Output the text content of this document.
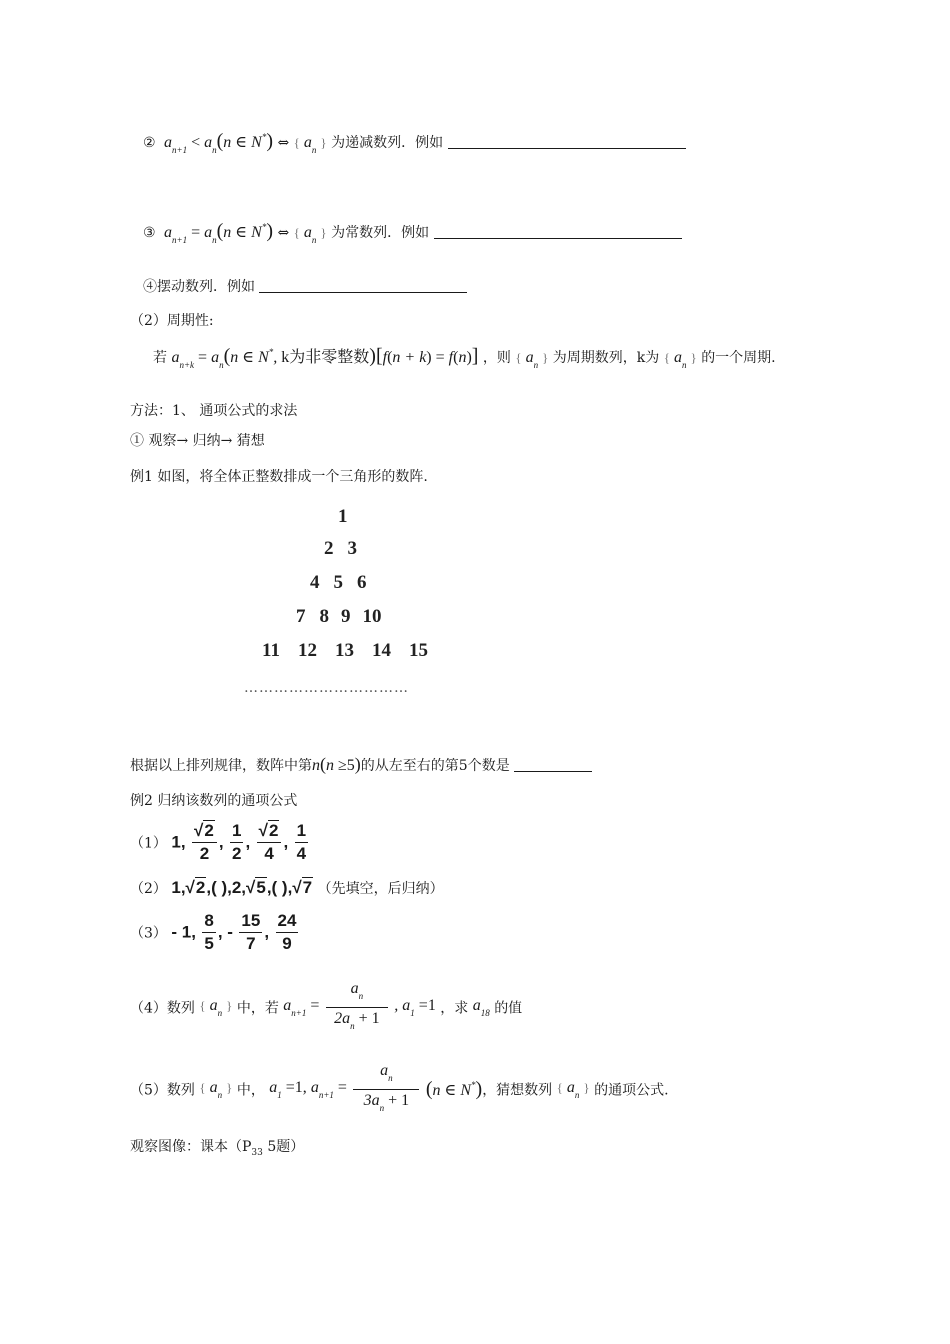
② $a_{n+1} < a_n(n$ ∈ N*) ⇔ { $a_n$ } 为递减数列．例如
③ $a_{n+1} = a_n(n$ ∈ N*) ⇔ { $a_n$ } 为常数列．例如
④摆动数列．例如
（2）周期性:
若 $a_{n+k} = a_n(n$ ∈ N*, k为非零整数)[f(n + k) = f(n)] ，则 { $a_n$ } 为周期数列，k为 { $a_n$ } 的一个周期.
方法：1、 通项公式的求法
① 观察→ 归纳→ 猜想
例1 如图，将全体正整数排成一个三角形的数阵.
1
2 3
4 5 6
7 8 9 10
11 12 13 14 15
……………………………
根据以上排列规律，数阵中第n(n ≥5)的从左至右的第5个数是
例2 归纳该数列的通项公式
（1） 1, $\frac{√2}{2}$ , $\frac{1}{2}$ , $\frac{√2}{4}$ , $\frac{1}{4}$
（2） 1,√2,( ),2,√5,( ),√7 （先填空，后归纳）
（3） - 1, $\frac{8}{5}$ , - $\frac{15}{7}$ , $\frac{24}{9}$
（4）数列 { $a_n$ } 中，若 $a_{n+1} = \frac{a_n}{2a_n + 1}$ , $a_1 =1$ ，求 $a_{18}$ 的值
（5）数列 { $a_n$ } 中， $a_1 =1$, $a_{n+1} = \frac{a_n}{3a_n + 1} (n$ ∈ N*)，猜想数列 { $a_n$ } 的通项公式.
观察图像：课本（$P_{33}$ 5题）
